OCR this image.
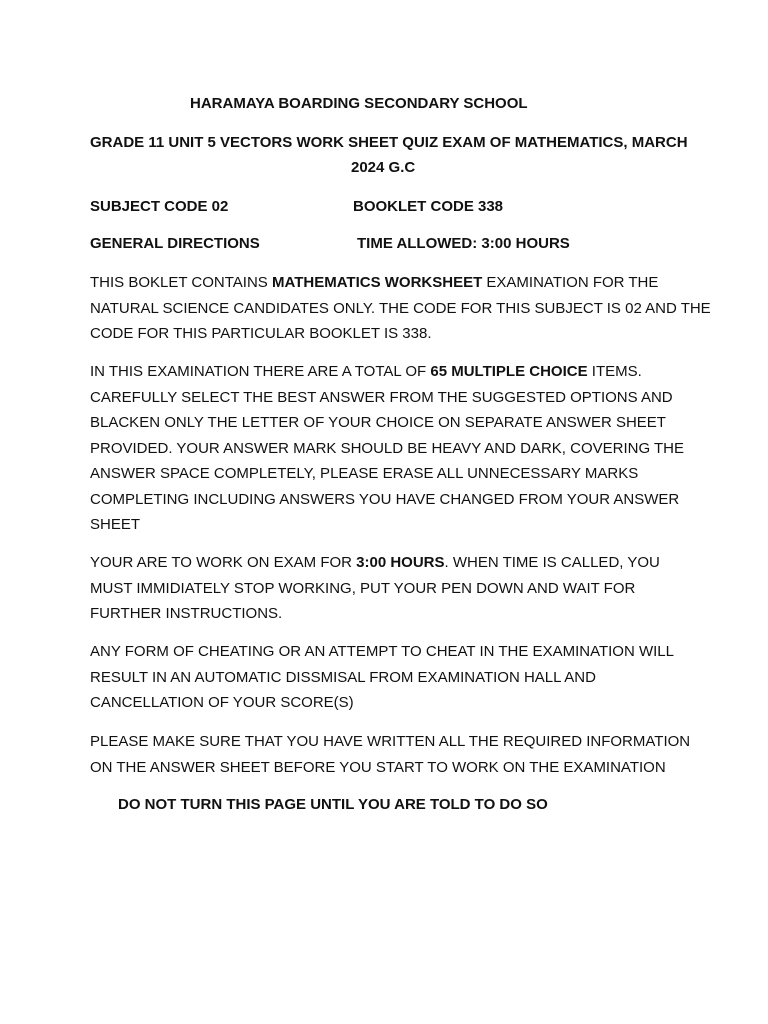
HARAMAYA BOARDING SECONDARY SCHOOL
GRADE 11 UNIT 5 VECTORS WORK SHEET QUIZ EXAM OF MATHEMATICS, MARCH
2024 G.C
SUBJECT CODE 02	BOOKLET CODE 338
GENERAL DIRECTIONS	TIME ALLOWED: 3:00 HOURS
THIS BOKLET CONTAINS MATHEMATICS WORKSHEET EXAMINATION FOR THE
NATURAL SCIENCE CANDIDATES ONLY. THE CODE FOR THIS SUBJECT IS 02 AND THE
CODE FOR THIS PARTICULAR BOOKLET IS 338.
IN THIS EXAMINATION THERE ARE A TOTAL OF 65 MULTIPLE CHOICE ITEMS.
CAREFULLY SELECT THE BEST ANSWER FROM THE SUGGESTED OPTIONS AND
BLACKEN ONLY THE LETTER OF YOUR CHOICE ON SEPARATE ANSWER SHEET
PROVIDED. YOUR ANSWER MARK SHOULD BE HEAVY AND DARK, COVERING THE
ANSWER SPACE COMPLETELY, PLEASE ERASE ALL UNNECESSARY MARKS
COMPLETING INCLUDING ANSWERS YOU HAVE CHANGED FROM YOUR ANSWER
SHEET
YOUR ARE TO WORK ON EXAM FOR 3:00 HOURS. WHEN TIME IS CALLED, YOU
MUST IMMIDIATELY STOP WORKING, PUT YOUR PEN DOWN AND WAIT FOR
FURTHER INSTRUCTIONS.
ANY FORM OF CHEATING OR AN ATTEMPT TO CHEAT IN THE EXAMINATION WILL
RESULT IN AN AUTOMATIC DISSMISAL FROM EXAMINATION HALL AND
CANCELLATION OF YOUR SCORE(S)
PLEASE MAKE SURE THAT YOU HAVE WRITTEN ALL THE REQUIRED INFORMATION
ON THE ANSWER SHEET BEFORE YOU START TO WORK ON THE EXAMINATION
DO NOT TURN THIS PAGE UNTIL YOU ARE TOLD TO DO SO
